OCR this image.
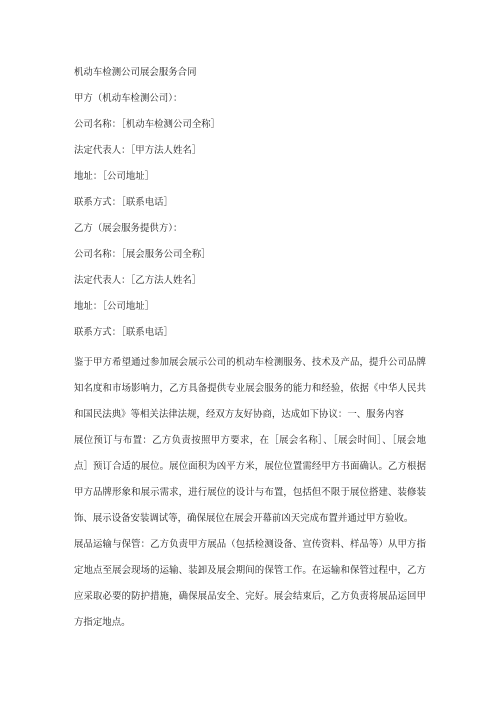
机动车检测公司展会服务合同
甲方（机动车检测公司）：
公司名称：［机动车检测公司全称］
法定代表人：［甲方法人姓名］
地址：［公司地址］
联系方式：［联系电话］
乙方（展会服务提供方）：
公司名称：［展会服务公司全称］
法定代表人：［乙方法人姓名］
地址：［公司地址］
联系方式：［联系电话］

鉴于甲方希望通过参加展会展示公司的机动车检测服务、技术及产品，提升公司品牌知名度和市场影响力，乙方具备提供专业展会服务的能力和经验，依据《中华人民共和国民法典》等相关法律法规，经双方友好协商，达成如下协议：一、服务内容

展位预订与布置：乙方负责按照甲方要求，在［展会名称］、［展会时间］、［展会地点］预订合适的展位。展位面积为凶平方米，展位位置需经甲方书面确认。乙方根据甲方品牌形象和展示需求，进行展位的设计与布置，包括但不限于展位搭建、装修装饰、展示设备安装调试等，确保展位在展会开幕前凶天完成布置并通过甲方验收。

展品运输与保管：乙方负责甲方展品（包括检测设备、宣传资料、样品等）从甲方指定地点至展会现场的运输、装卸及展会期间的保管工作。在运输和保管过程中，乙方应采取必要的防护措施，确保展品安全、完好。展会结束后，乙方负责将展品运回甲方指定地点。
